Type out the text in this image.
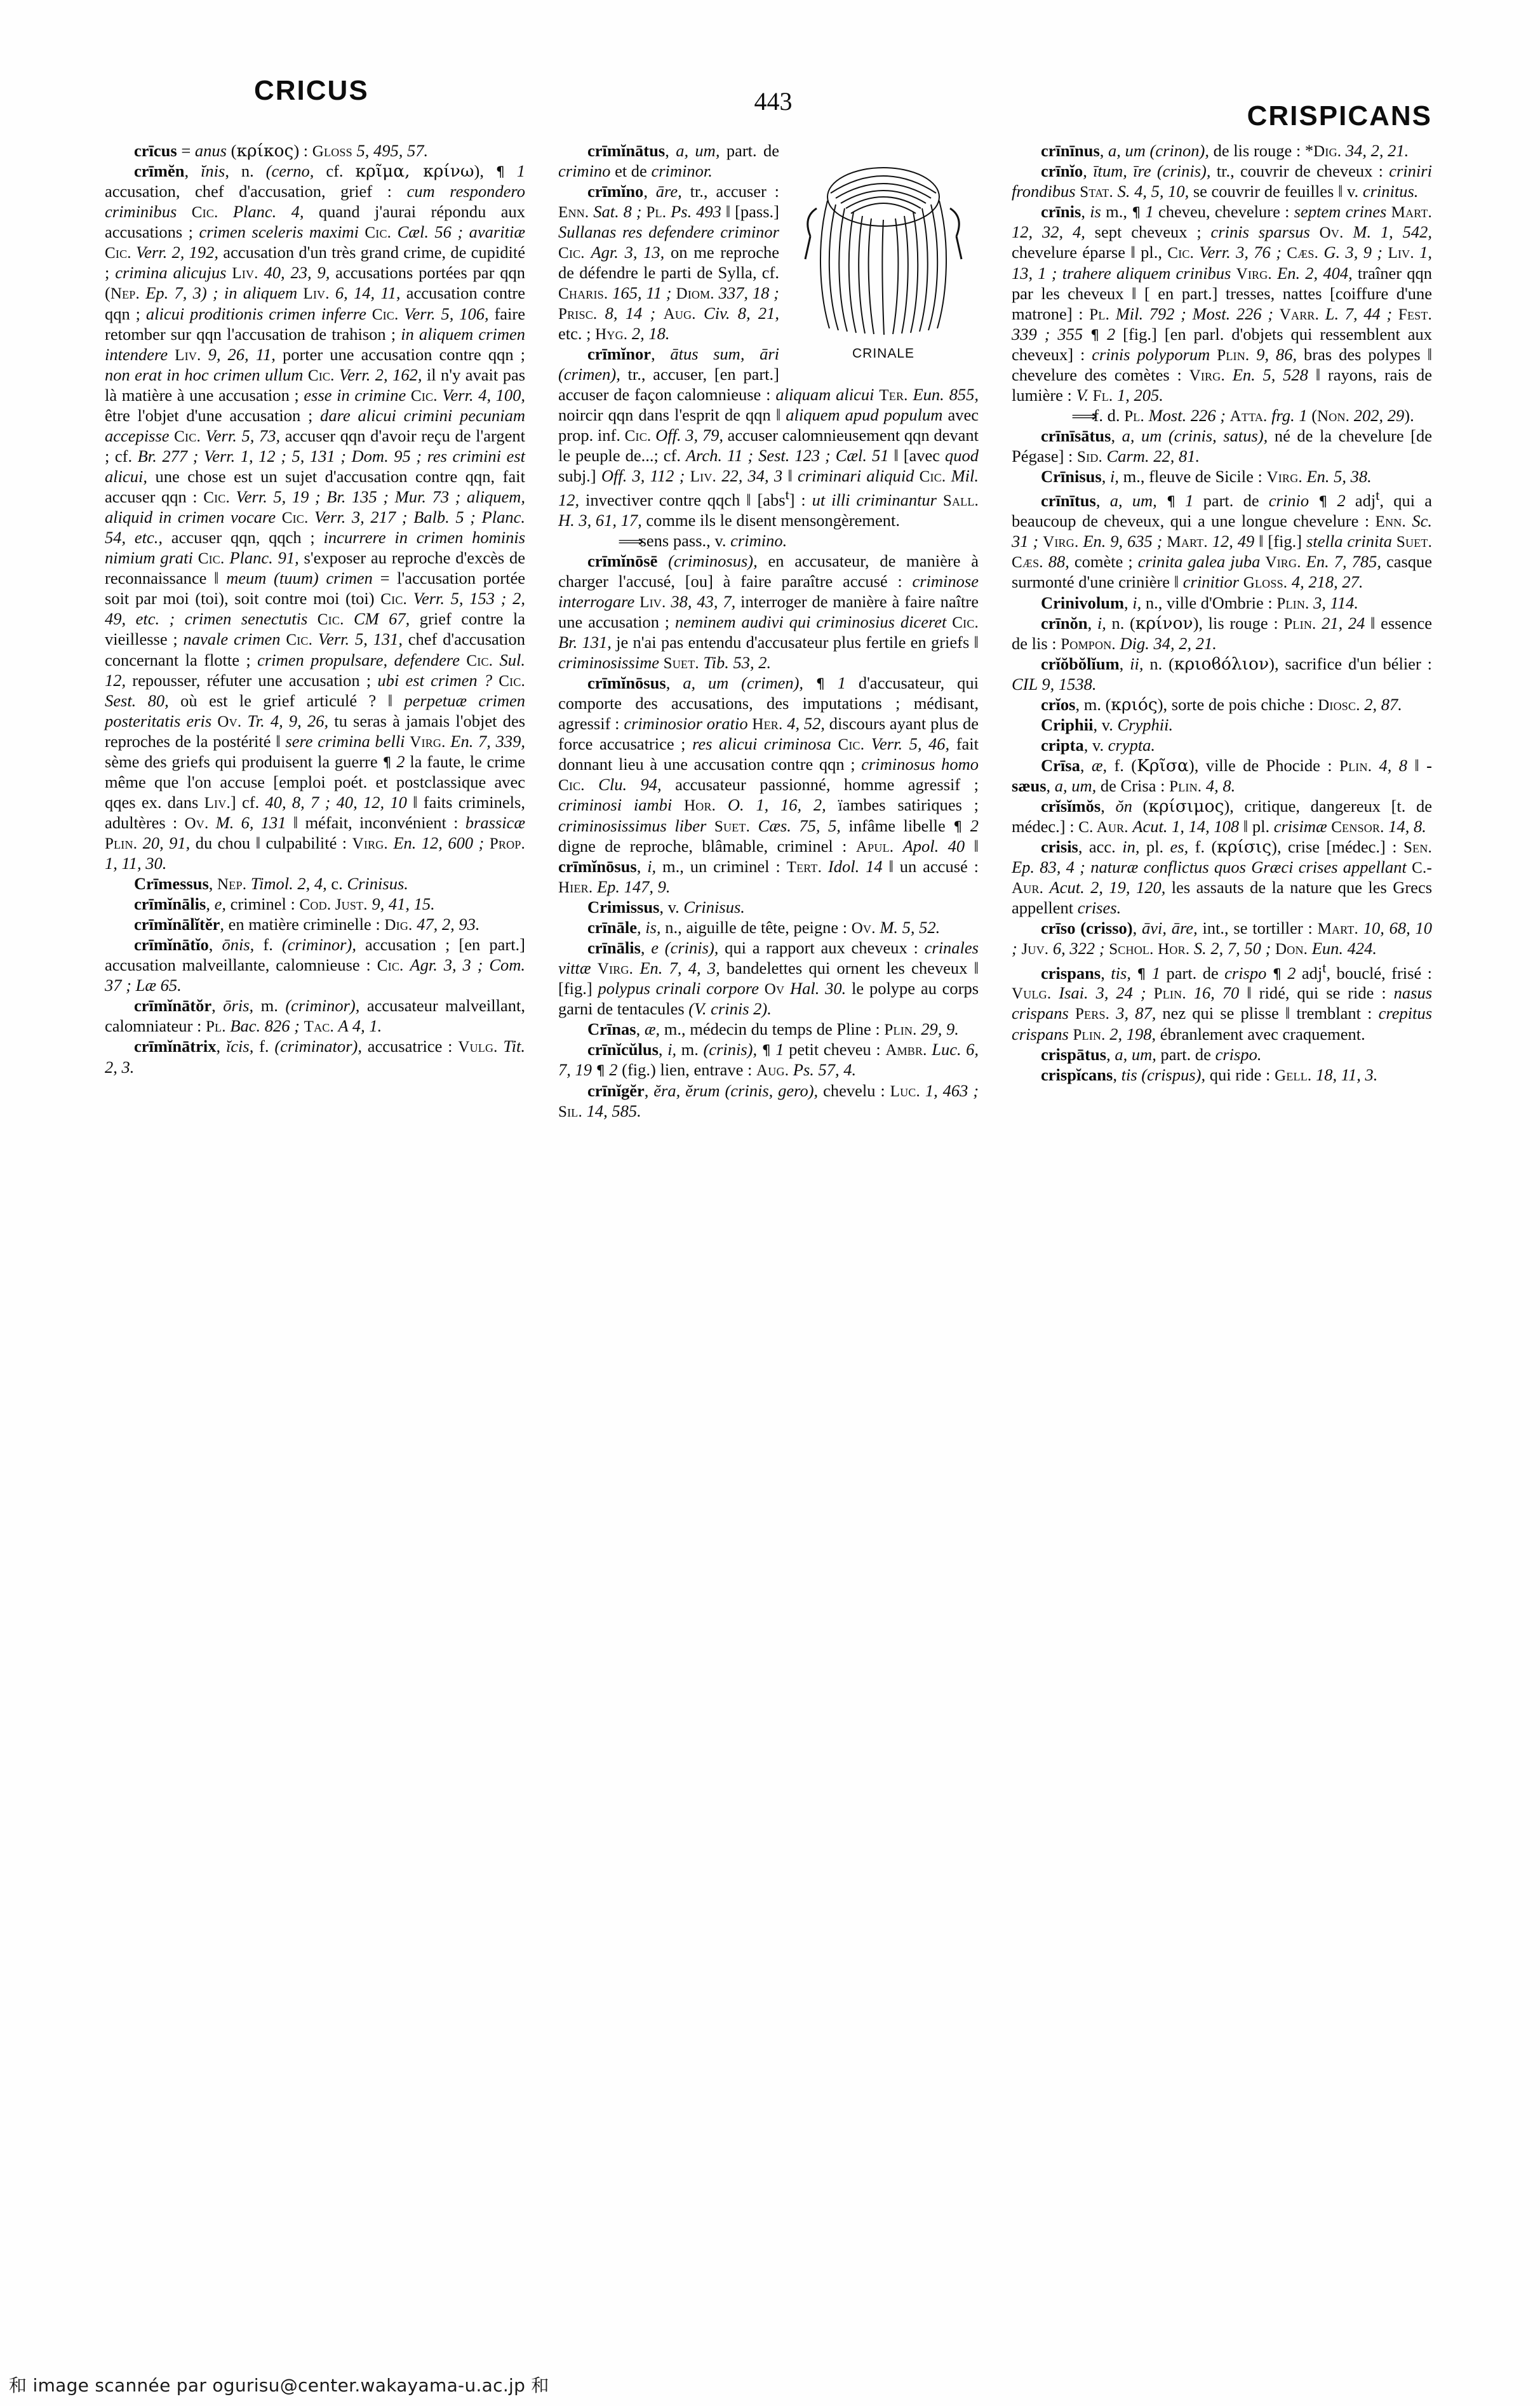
CRICUS	443	CRISPICANS

crīcus = anus (κρίκος) : Gloss 5, 495, 57.

crīmĕn, ĭnis, n. (cerno, cf. κρῖμα, κρίνω), ¶ 1 accusation, chef d'accusation, grief : cum respondero criminibus Cic. Planc. 4, quand j'aurai répondu aux accusations ; crimen sceleris maximi Cic. Cæl. 56 ; avaritiæ Cic. Verr. 2, 192, accusation d'un très grand crime, de cupidité ; crimina alicujus Liv. 40, 23, 9, accusations portées par qqn (Nep. Ep. 7, 3) ; in aliquem Liv. 6, 14, 11, accusation contre qqn ; alicui proditionis crimen inferre Cic. Verr. 5, 106, faire retomber sur qqn l'accusation de trahison ; in aliquem crimen intendere Liv. 9, 26, 11, porter une accusation contre qqn ; non erat in hoc crimen ullum Cic. Verr. 2, 162, il n'y avait pas là matière à une accusation ; esse in crimine Cic. Verr. 4, 100, être l'objet d'une accusation ; dare alicui crimini pecuniam accepisse Cic. Verr. 5, 73, accuser qqn d'avoir reçu de l'argent ; cf. Br. 277 ; Verr. 1, 12 ; 5, 131 ; Dom. 95 ; res crimini est alicui, une chose est un sujet d'accusation contre qqn, fait accuser qqn : Cic. Verr. 5, 19 ; Br. 135 ; Mur. 73 ; aliquem, aliquid in crimen vocare Cic. Verr. 3, 217 ; Balb. 5 ; Planc. 54, etc., accuser qqn, qqch ; incurrere in crimen hominis nimium grati Cic. Planc. 91, s'exposer au reproche d'excès de reconnaissance ‖ meum (tuum) crimen = l'accusation portée soit par moi (toi), soit contre moi (toi) Cic. Verr. 5, 153 ; 2, 49, etc. ; crimen senectutis Cic. CM 67, grief contre la vieillesse ; navale crimen Cic. Verr. 5, 131, chef d'accusation concernant la flotte ; crimen propulsare, defendere Cic. Sul. 12, repousser, réfuter une accusation ; ubi est crimen ? Cic. Sest. 80, où est le grief articulé ? ‖ perpetuæ crimen posteritatis eris Ov. Tr. 4, 9, 26, tu seras à jamais l'objet des reproches de la postérité ‖ sere crimina belli Virg. En. 7, 339, sème des griefs qui produisent la guerre ¶ 2 la faute, le crime même que l'on accuse [emploi poét. et postclassique avec qqes ex. dans Liv.] cf. 40, 8, 7 ; 40, 12, 10 ‖ faits criminels, adultères : Ov. M. 6, 131 ‖ méfait, inconvénient : brassicæ Plin. 20, 91, du chou ‖ culpabilité : Virg. En. 12, 600 ; Prop. 1, 11, 30.

Crīmessus, Nep. Timol. 2, 4, c. Crinisus.

crīmĭnālis, e, criminel : Cod. Just. 9, 41, 15.

crīmĭnālĭtĕr, en matière criminelle : Dig. 47, 2, 93.

crīmĭnātĭo, ōnis, f. (criminor), accusation ; [en part.] accusation malveillante, calomnieuse : Cic. Agr. 3, 3 ; Com. 37 ; Læ 65.

crīmĭnātŏr, ōris, m. (criminor), accusateur malveillant, calomniateur : Pl. Bac. 826 ; Tac. A 4, 1.

crīmĭnātrix, ĭcis, f. (criminator), accusatrice : Vulg. Tit. 2, 3.

CRINALE

crīmĭnātus, a, um, part. de crimino et de criminor.

crīmĭno, āre, tr., accuser : Enn. Sat. 8 ; Pl. Ps. 493 ‖ [pass.] Sullanas res defendere criminor Cic. Agr. 3, 13, on me reproche de défendre le parti de Sylla, cf. Charis. 165, 11 ; Diom. 337, 18 ; Prisc. 8, 14 ; Aug. Civ. 8, 21, etc. ; Hyg. 2, 18.

crīmĭnor, ātus sum, āri (crimen), tr., accuser, [en part.] accuser de façon calomnieuse : aliquam alicui Ter. Eun. 855, noircir qqn dans l'esprit de qqn ‖ aliquem apud populum avec prop. inf. Cic. Off. 3, 79, accuser calomnieusement qqn devant le peuple de...; cf. Arch. 11 ; Sest. 123 ; Cæl. 51 ‖ [avec quod subj.] Off. 3, 112 ; Liv. 22, 34, 3 ‖ criminari aliquid Cic. Mil. 12, invectiver contre qqch ‖ [abs$^t$] : ut illi criminantur Sall. H. 3, 61, 17, comme ils le disent mensongèrement.

⟹ sens pass., v. crimino.

crīmĭnōsē (criminosus), en accusateur, de manière à charger l'accusé, [ou] à faire paraître accusé : criminose interrogare Liv. 38, 43, 7, interroger de manière à faire naître une accusation ; neminem audivi qui criminosius diceret Cic. Br. 131, je n'ai pas entendu d'accusateur plus fertile en griefs ‖ criminosissime Suet. Tib. 53, 2.

crīmĭnōsus, a, um (crimen), ¶ 1 d'accusateur, qui comporte des accusations, des imputations ; médisant, agressif : criminosior oratio Her. 4, 52, discours ayant plus de force accusatrice ; res alicui criminosa Cic. Verr. 5, 46, fait donnant lieu à une accusation contre qqn ; criminosus homo Cic. Clu. 94, accusateur passionné, homme agressif ; criminosi iambi Hor. O. 1, 16, 2, ïambes satiriques ; criminosissimus liber Suet. Cæs. 75, 5, infâme libelle ¶ 2 digne de reproche, blâmable, criminel : Apul. Apol. 40 ‖ crīmĭnōsus, i, m., un criminel : Tert. Idol. 14 ‖ un accusé : Hier. Ep. 147, 9.

Crimissus, v. Crinisus.

crīnāle, is, n., aiguille de tête, peigne : Ov. M. 5, 52.

crīnālis, e (crinis), qui a rapport aux cheveux : crinales vittæ Virg. En. 7, 4, 3, bandelettes qui ornent les cheveux ‖ [fig.] polypus crinali corpore Ov Hal. 30. le polype au corps garni de tentacules (V. crinis 2).

Crīnas, æ, m., médecin du temps de Pline : Plin. 29, 9.

crīnĭcŭlus, i, m. (crinis), ¶ 1 petit cheveu : Ambr. Luc. 6, 7, 19 ¶ 2 (fig.) lien, entrave : Aug. Ps. 57, 4.

crīnĭgĕr, ĕra, ĕrum (crinis, gero), chevelu : Luc. 1, 463 ; Sil. 14, 585.

crīnīnus, a, um (crinon), de lis rouge : *Dig. 34, 2, 21.

crīnĭo, ītum, īre (crinis), tr., couvrir de cheveux : criniri frondibus Stat. S. 4, 5, 10, se couvrir de feuilles ‖ v. crinitus.

crīnis, is m., ¶ 1 cheveu, chevelure : septem crines Mart. 12, 32, 4, sept cheveux ; crinis sparsus Ov. M. 1, 542, chevelure éparse ‖ pl., Cic. Verr. 3, 76 ; Cæs. G. 3, 9 ; Liv. 1, 13, 1 ; trahere aliquem crinibus Virg. En. 2, 404, traîner qqn par les cheveux ‖ [ en part.] tresses, nattes [coiffure d'une matrone] : Pl. Mil. 792 ; Most. 226 ; Varr. L. 7, 44 ; Fest. 339 ; 355 ¶ 2 [fig.] [en parl. d'objets qui ressemblent aux cheveux] : crinis polyporum Plin. 9, 86, bras des polypes ‖ chevelure des comètes : Virg. En. 5, 528 ‖ rayons, rais de lumière : V. Fl. 1, 205.

⟹ f. d. Pl. Most. 226 ; Atta. frg. 1 (Non. 202, 29).

crīnīsātus, a, um (crinis, satus), né de la chevelure [de Pégase] : Sid. Carm. 22, 81.

Crīnisus, i, m., fleuve de Sicile : Virg. En. 5, 38.

crīnītus, a, um, ¶ 1 part. de crinio ¶ 2 adj$^t$, qui a beaucoup de cheveux, qui a une longue chevelure : Enn. Sc. 31 ; Virg. En. 9, 635 ; Mart. 12, 49 ‖ [fig.] stella crinita Suet. Cæs. 88, comète ; crinita galea juba Virg. En. 7, 785, casque surmonté d'une crinière ‖ crinitior Gloss. 4, 218, 27.

Crinivolum, i, n., ville d'Ombrie : Plin. 3, 114.

crīnŏn, i, n. (κρίνον), lis rouge : Plin. 21, 24 ‖ essence de lis : Pompon. Dig. 34, 2, 21.

crĭŏbŏlĭum, ii, n. (κριοϐόλιον), sacrifice d'un bélier : CIL 9, 1538.

crĭos, m. (κριός), sorte de pois chiche : Diosc. 2, 87.

Criphii, v. Cryphii.

cripta, v. crypta.

Crīsa, æ, f. (Κρῖσα), ville de Phocide : Plin. 4, 8 ‖ -sæus, a, um, de Crisa : Plin. 4, 8.

crĭsĭmŏs, ŏn (κρίσιμος), critique, dangereux [t. de médec.] : C. Aur. Acut. 1, 14, 108 ‖ pl. crisimæ Censor. 14, 8.

crisis, acc. in, pl. es, f. (κρίσις), crise [médec.] : Sen. Ep. 83, 4 ; naturæ conflictus quos Græci crises appellant C.-Aur. Acut. 2, 19, 120, les assauts de la nature que les Grecs appellent crises.

crīso (crisso), āvi, āre, int., se tortiller : Mart. 10, 68, 10 ; Juv. 6, 322 ; Schol. Hor. S. 2, 7, 50 ; Don. Eun. 424.

crispans, tis, ¶ 1 part. de crispo ¶ 2 adj$^t$, bouclé, frisé : Vulg. Isai. 3, 24 ; Plin. 16, 70 ‖ ridé, qui se ride : nasus crispans Pers. 3, 87, nez qui se plisse ‖ tremblant : crepitus crispans Plin. 2, 198, ébranlement avec craquement.

crispātus, a, um, part. de crispo.

crispĭcans, tis (crispus), qui ride : Gell. 18, 11, 3.

和 image scannée par ogurisu@center.wakayama-u.ac.jp 和
